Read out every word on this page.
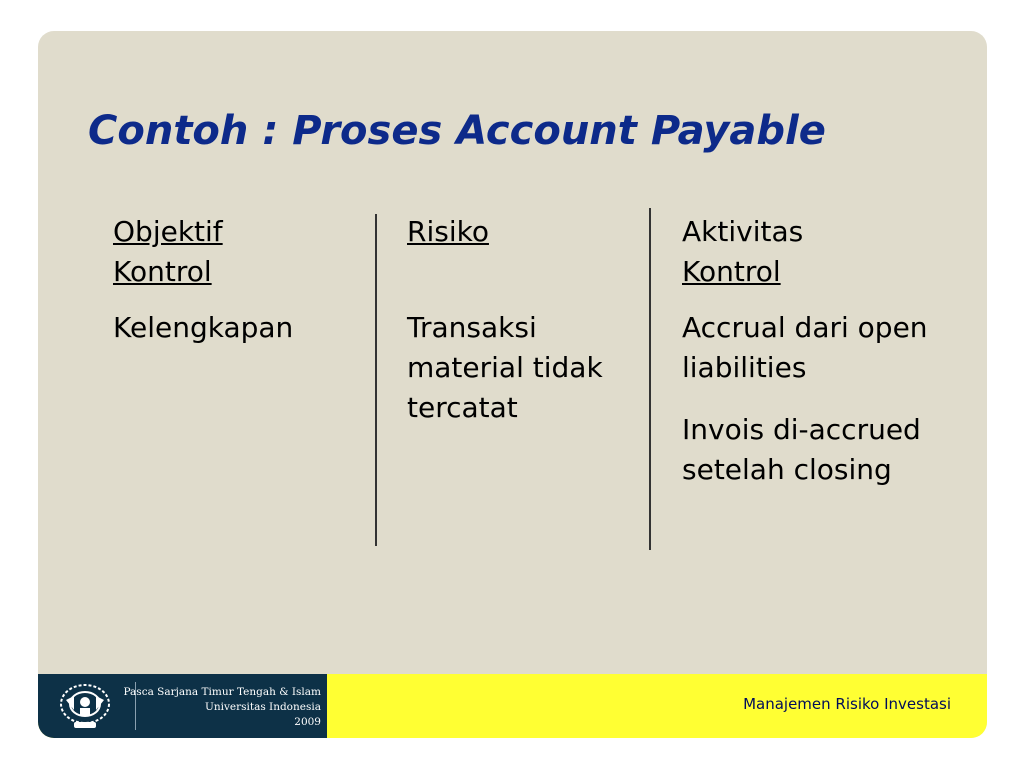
Contoh : Proses Account Payable
Objektif
Kontrol
Kelengkapan
Risiko

Transaksi material tidak tercatat
Aktivitas
Kontrol
Accrual dari open liabilities
Invois di-accrued setelah closing
Pasca Sarjana Timur Tengah & Islam
Universitas Indonesia
2009
Manajemen Risiko Investasi
